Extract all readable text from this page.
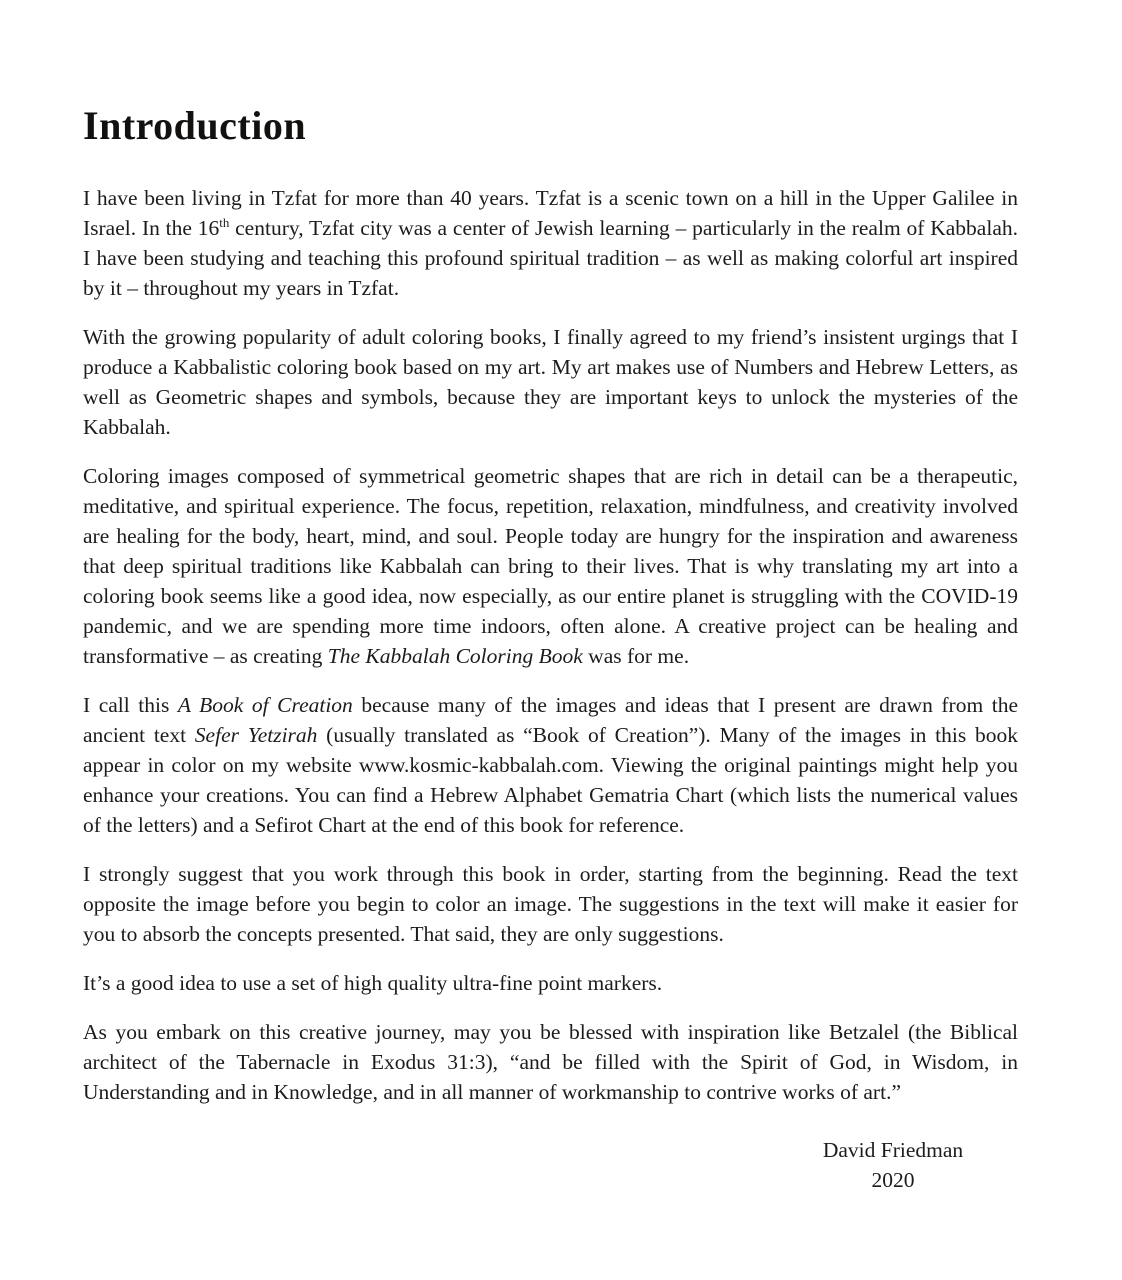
Introduction

I have been living in Tzfat for more than 40 years. Tzfat is a scenic town on a hill in the Upper Galilee in Israel. In the 16th century, Tzfat city was a center of Jewish learning – particularly in the realm of Kabbalah. I have been studying and teaching this profound spiritual tradition – as well as making colorful art inspired by it – throughout my years in Tzfat.

With the growing popularity of adult coloring books, I finally agreed to my friend’s insistent urgings that I produce a Kabbalistic coloring book based on my art. My art makes use of Numbers and Hebrew Letters, as well as Geometric shapes and symbols, because they are important keys to unlock the mysteries of the Kabbalah.

Coloring images composed of symmetrical geometric shapes that are rich in detail can be a therapeutic, meditative, and spiritual experience. The focus, repetition, relaxation, mindfulness, and creativity involved are healing for the body, heart, mind, and soul. People today are hungry for the inspiration and awareness that deep spiritual traditions like Kabbalah can bring to their lives. That is why translating my art into a coloring book seems like a good idea, now especially, as our entire planet is struggling with the COVID-19 pandemic, and we are spending more time indoors, often alone. A creative project can be healing and transformative – as creating The Kabbalah Coloring Book was for me.

I call this A Book of Creation because many of the images and ideas that I present are drawn from the ancient text Sefer Yetzirah (usually translated as “Book of Creation”). Many of the images in this book appear in color on my website www.kosmic-kabbalah.com. Viewing the original paintings might help you enhance your creations. You can find a Hebrew Alphabet Gematria Chart (which lists the numerical values of the letters) and a Sefirot Chart at the end of this book for reference.

I strongly suggest that you work through this book in order, starting from the beginning. Read the text opposite the image before you begin to color an image. The suggestions in the text will make it easier for you to absorb the concepts presented. That said, they are only suggestions.

It’s a good idea to use a set of high quality ultra-fine point markers.

As you embark on this creative journey, may you be blessed with inspiration like Betzalel (the Biblical architect of the Tabernacle in Exodus 31:3), “and be filled with the Spirit of God, in Wisdom, in Understanding and in Knowledge, and in all manner of workmanship to contrive works of art.”

David Friedman
2020
